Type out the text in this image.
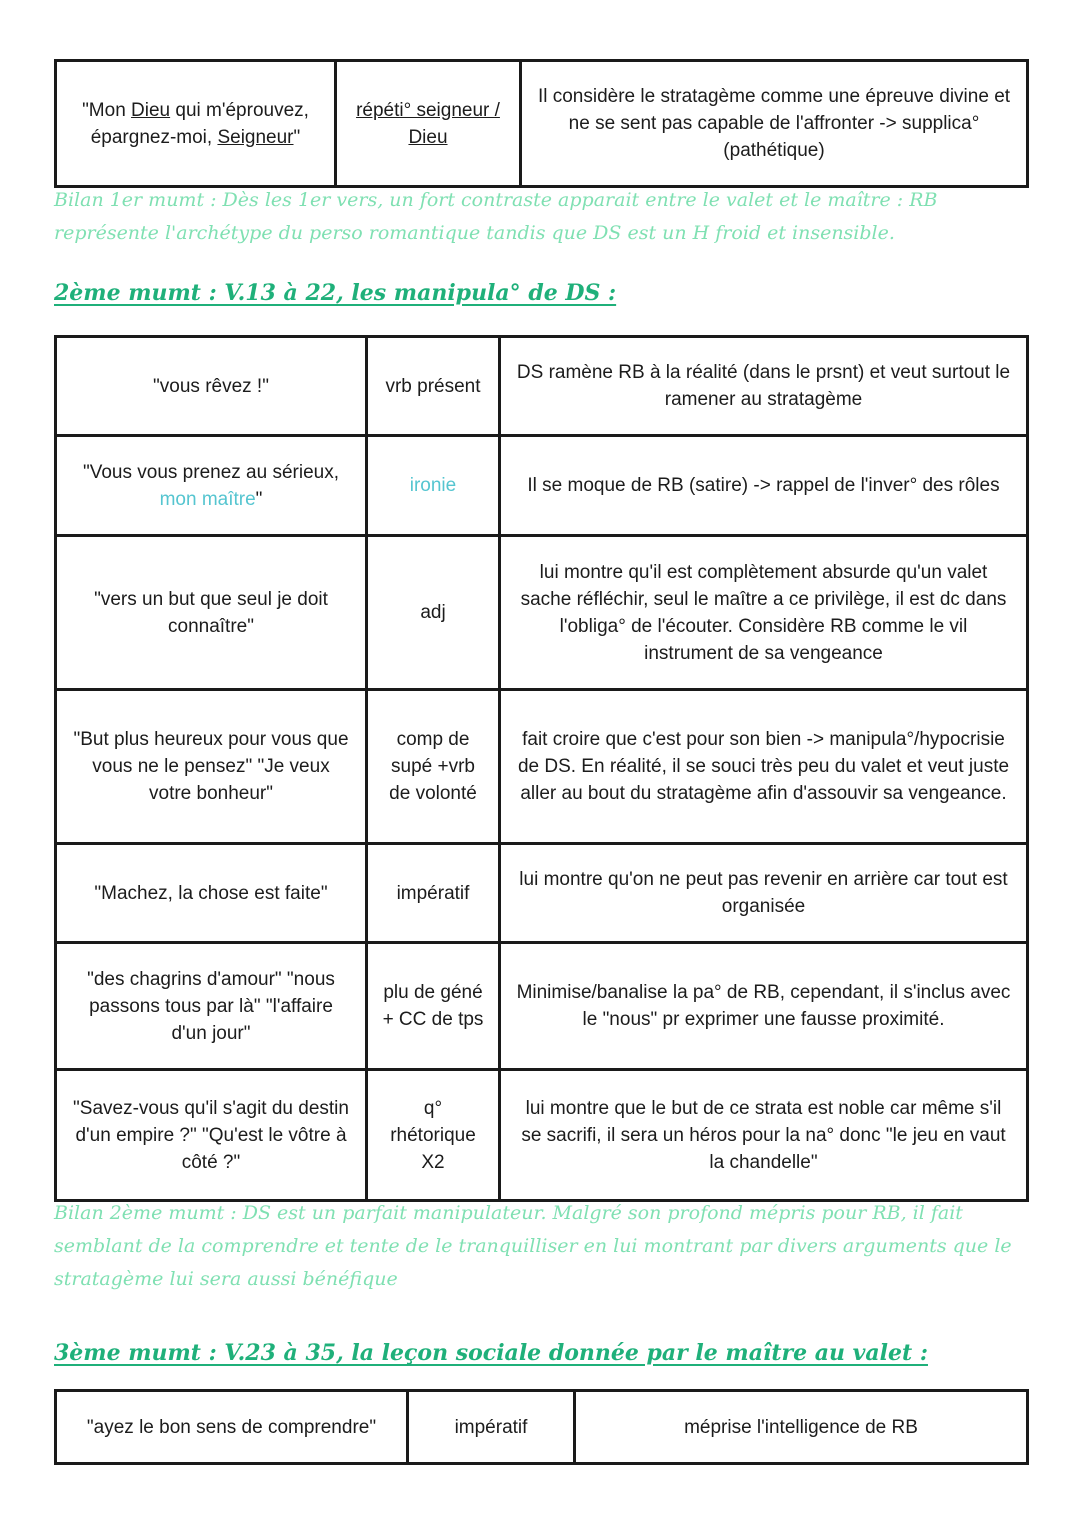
"Mon Dieu qui m'éprouvez, épargnez-moi, Seigneur"	répéti° seigneur / Dieu	Il considère le stratagème comme une épreuve divine et ne se sent pas capable de l'affronter -> supplica° (pathétique)
Bilan 1er mumt : Dès les 1er vers, un fort contraste apparait entre le valet et le maître : RB représente l'archétype du perso romantique tandis que DS est un H froid et insensible.
2ème mumt : V.13 à 22, les manipula° de DS :
"vous rêvez !"	vrb présent	DS ramène RB à la réalité (dans le prsnt) et veut surtout le ramener au stratagème
"Vous vous prenez au sérieux, mon maître"	ironie	Il se moque de RB (satire) -> rappel de l'inver° des rôles
"vers un but que seul je doit connaître"	adj	lui montre qu'il est complètement absurde qu'un valet sache réfléchir, seul le maître a ce privilège, il est dc dans l'obliga° de l'écouter. Considère RB comme le vil instrument de sa vengeance
"But plus heureux pour vous que vous ne le pensez" "Je veux votre bonheur"	comp de supé +vrb de volonté	fait croire que c'est pour son bien -> manipula°/hypocrisie de DS. En réalité, il se souci très peu du valet et veut juste aller au bout du stratagème afin d'assouvir sa vengeance.
"Machez, la chose est faite"	impératif	lui montre qu'on ne peut pas revenir en arrière car tout est organisée
"des chagrins d'amour" "nous passons tous par là" "l'affaire d'un jour"	plu de géné + CC de tps	Minimise/banalise la pa° de RB, cependant, il s'inclus avec le "nous" pr exprimer une fausse proximité.
"Savez-vous qu'il s'agit du destin d'un empire ?" "Qu'est le vôtre à côté ?"	q° rhétorique X2	lui montre que le but de ce strata est noble car même s'il se sacrifi, il sera un héros pour la na° donc "le jeu en vaut la chandelle"
Bilan 2ème mumt : DS est un parfait manipulateur. Malgré son profond mépris pour RB, il fait semblant de la comprendre et tente de le tranquilliser en lui montrant par divers arguments que le stratagème lui sera aussi bénéfique
3ème mumt : V.23 à 35, la leçon sociale donnée par le maître au valet :
"ayez le bon sens de comprendre"	impératif	méprise l'intelligence de RB
